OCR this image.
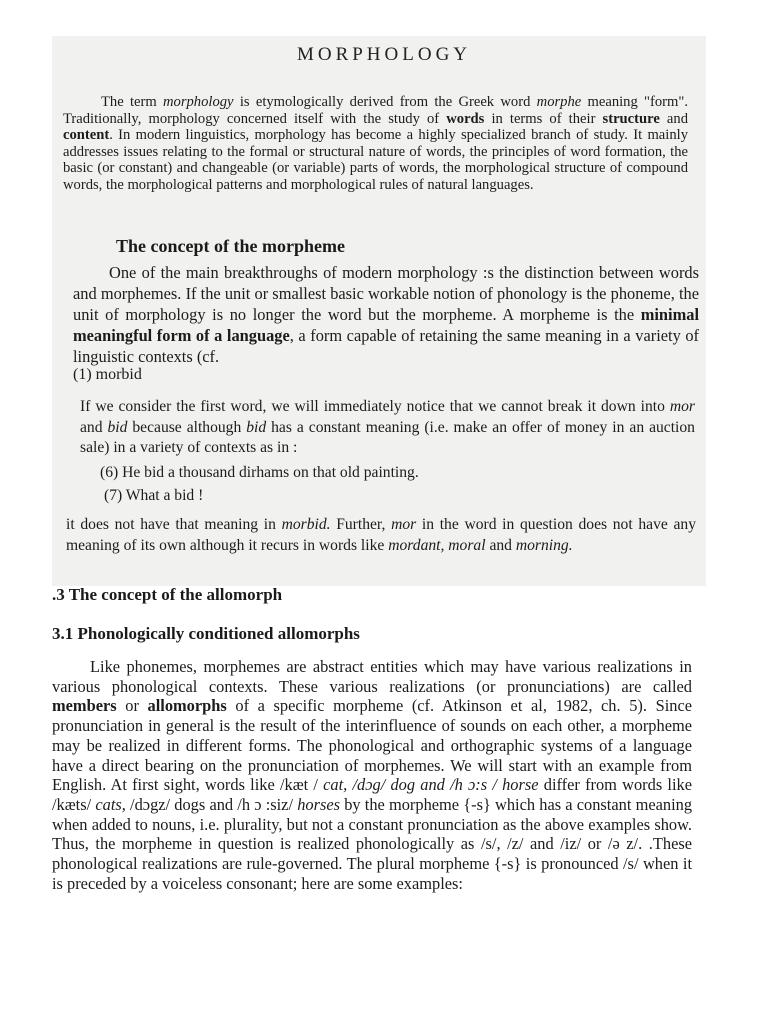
MORPHOLOGY

The term morphology is etymologically derived from the Greek word morphe meaning "form". Traditionally, morphology concerned itself with the study of words in terms of their structure and content. In modern linguistics, morphology has become a highly specialized branch of study. It mainly addresses issues relating to the formal or structural nature of words, the principles of word formation, the basic (or constant) and changeable (or variable) parts of words, the morphological structure of compound words, the morphological patterns and morphological rules of natural languages.

The concept of the morpheme

One of the main breakthroughs of modern morphology :s the distinction between words and morphemes. If the unit or smallest basic workable notion of phonology is the phoneme, the unit of morphology is no longer the word but the morpheme. A morpheme is the minimal meaningful form of a language, a form capable of retaining the same meaning in a variety of linguistic contexts (cf.

(1) morbid

If we consider the first word, we will immediately notice that we cannot break it down into mor and bid because although bid has a constant meaning (i.e. make an offer of money in an auction sale) in a variety of contexts as in :

(6) He bid a thousand dirhams on that old painting.

(7) What a bid !

it does not have that meaning in morbid. Further, mor in the word in question does not have any meaning of its own although it recurs in words like mordant, moral and morning.

.3 The concept of the allomorph
3.1 Phonologically conditioned allomorphs

Like phonemes, morphemes are abstract entities which may have various realizations in various phonological contexts. These various realizations (or pronunciations) are called members or allomorphs of a specific morpheme (cf. Atkinson et al, 1982, ch. 5). Since pronunciation in general is the result of the interinfluence of sounds on each other, a morpheme may be realized in different forms. The phonological and orthographic systems of a language have a direct bearing on the pronunciation of morphemes. We will start with an example from English. At first sight, words like /kæt / cat, /dɔg/ dog and /h ɔ:s / horse differ from words like /kæts/ cats, /dɔgz/ dogs and /h ɔ :siz/ horses by the morpheme {-s} which has a constant meaning when added to nouns, i.e. plurality, but not a constant pronunciation as the above examples show. Thus, the morpheme in question is realized phonologically as /s/, /z/ and /iz/ or /ə z/. .These phonological realizations are rule-governed. The plural morpheme {-s} is pronounced /s/ when it is preceded by a voiceless consonant; here are some examples:
